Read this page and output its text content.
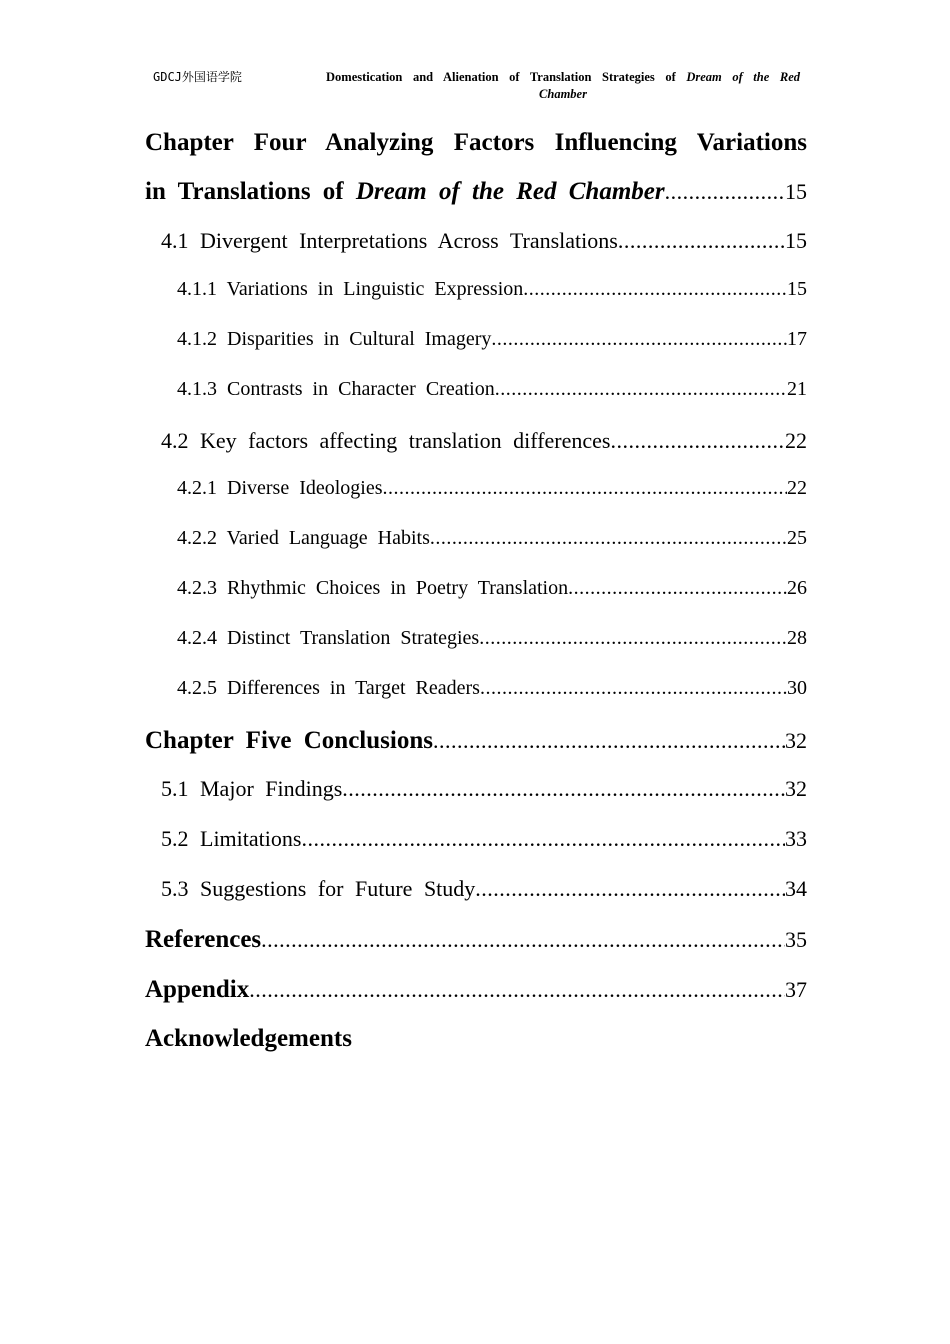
GDCJ外国语学院	Domestication and Alienation of Translation Strategies of Dream of the Red Chamber
Chapter Four Analyzing Factors Influencing Variations
in Translations of Dream of the Red Chamber .....	15
4.1 Divergent Interpretations Across Translations .....	15
4.1.1 Variations in Linguistic Expression .....	15
4.1.2 Disparities in Cultural Imagery .....	17
4.1.3 Contrasts in Character Creation .....	21
4.2 Key factors affecting translation differences .....	22
4.2.1 Diverse Ideologies .....	22
4.2.2 Varied Language Habits .....	25
4.2.3 Rhythmic Choices in Poetry Translation .....	26
4.2.4 Distinct Translation Strategies .....	28
4.2.5 Differences in Target Readers .....	30
Chapter Five Conclusions .....	32
5.1 Major Findings .....	32
5.2 Limitations .....	33
5.3 Suggestions for Future Study .....	34
References .....	35
Appendix .....	37
Acknowledgements
